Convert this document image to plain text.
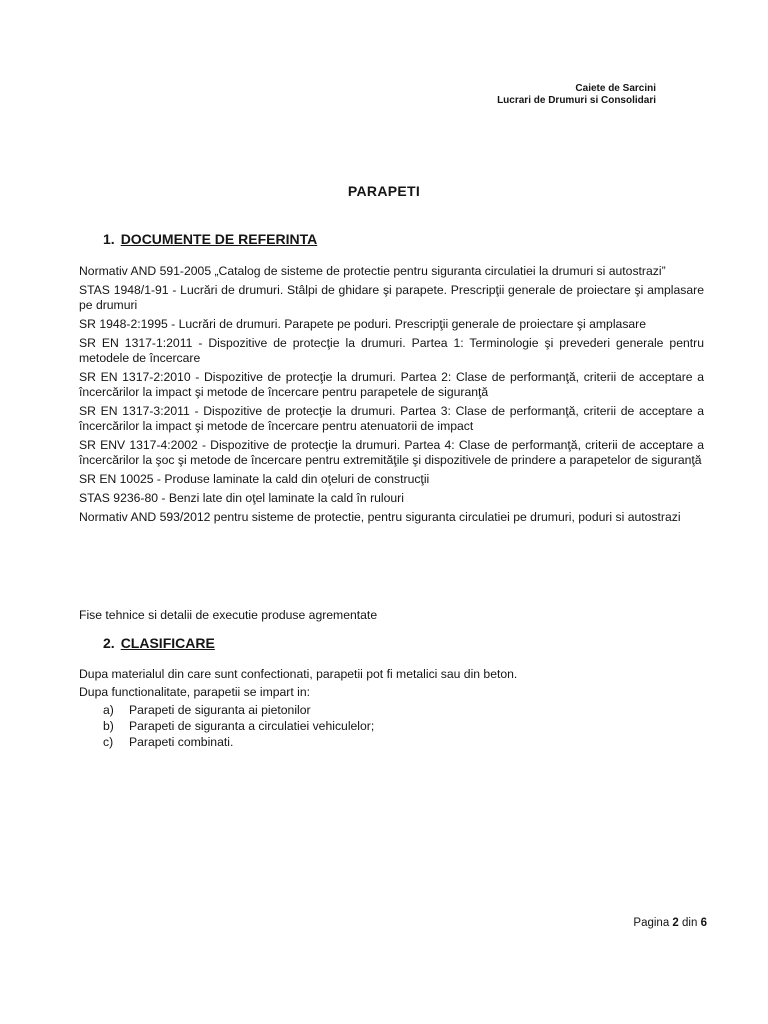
Caiete de Sarcini
Lucrari de Drumuri si Consolidari
PARAPETI
1. DOCUMENTE DE REFERINTA

Normativ AND 591-2005 „Catalog de sisteme de protectie pentru siguranta circulatiei la drumuri si autostrazi”

STAS 1948/1-91 - Lucrări de drumuri. Stâlpi de ghidare şi parapete. Prescripţii generale de proiectare şi amplasare pe drumuri

SR 1948-2:1995 - Lucrări de drumuri. Parapete pe poduri. Prescripţii generale de proiectare şi amplasare

SR EN 1317-1:2011 - Dispozitive de protecţie la drumuri. Partea 1: Terminologie şi prevederi generale pentru metodele de încercare

SR EN 1317-2:2010 - Dispozitive de protecţie la drumuri. Partea 2: Clase de performanţă, criterii de acceptare a încercărilor la impact şi metode de încercare pentru parapetele de siguranţă

SR EN 1317-3:2011 - Dispozitive de protecţie la drumuri. Partea 3: Clase de performanţă, criterii de acceptare a încercărilor la impact şi metode de încercare pentru atenuatorii de impact

SR ENV 1317-4:2002 - Dispozitive de protecţie la drumuri. Partea 4: Clase de performanţă, criterii de acceptare a încercărilor la şoc şi metode de încercare pentru extremităţile şi dispozitivele de prindere a parapetelor de siguranţă

SR EN 10025 - Produse laminate la cald din oţeluri de construcţii

STAS 9236-80 - Benzi late din oţel laminate la cald în rulouri

Normativ AND 593/2012 pentru sisteme de protectie, pentru siguranta circulatiei pe drumuri, poduri si autostrazi

Fise tehnice si detalii de executie produse agrementate
2. CLASIFICARE

Dupa materialul din care sunt confectionati, parapetii pot fi metalici sau din beton.

Dupa functionalitate, parapetii se impart in:

a) Parapeti de siguranta ai pietonilor
b) Parapeti de siguranta a circulatiei vehiculelor;
c) Parapeti combinati.
Pagina 2 din 6
